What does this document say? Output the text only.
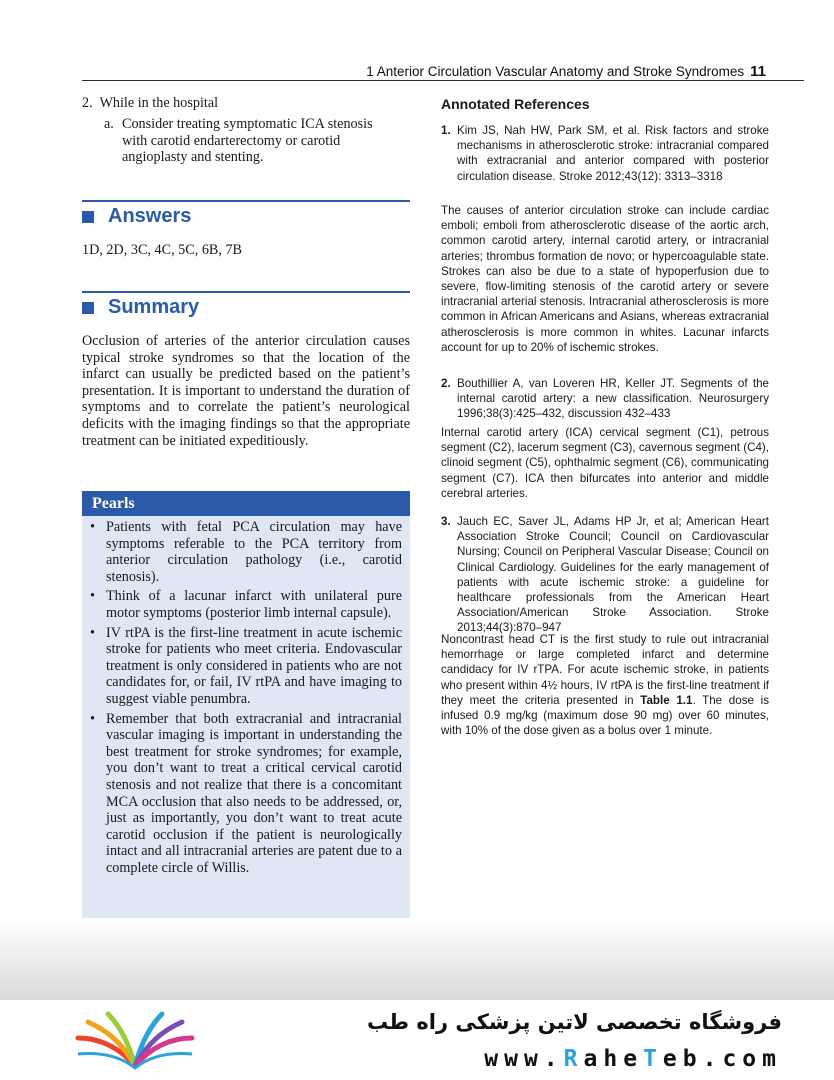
1 Anterior Circulation Vascular Anatomy and Stroke Syndromes 11
2. While in the hospital
a. Consider treating symptomatic ICA stenosis with carotid endarterectomy or carotid angioplasty and stenting.
Answers
1D, 2D, 3C, 4C, 5C, 6B, 7B
Summary
Occlusion of arteries of the anterior circulation causes typical stroke syndromes so that the location of the infarct can usually be predicted based on the patient’s presentation. It is important to understand the duration of symptoms and to correlate the patient’s neurological deficits with the imaging findings so that the appropriate treatment can be initiated expeditiously.
Pearls
• Patients with fetal PCA circulation may have symptoms referable to the PCA territory from anterior circulation pathology (i.e., carotid stenosis).
• Think of a lacunar infarct with unilateral pure motor symptoms (posterior limb internal capsule).
• IV rtPA is the first-line treatment in acute ischemic stroke for patients who meet criteria. Endovascular treatment is only considered in patients who are not candidates for, or fail, IV rtPA and have imaging to suggest viable penumbra.
• Remember that both extracranial and intracranial vascular imaging is important in understanding the best treatment for stroke syndromes; for example, you don’t want to treat a critical cervical carotid stenosis and not realize that there is a concomitant MCA occlusion that also needs to be addressed, or, just as importantly, you don’t want to treat acute carotid occlusion if the patient is neurologically intact and all intracranial arteries are patent due to a complete circle of Willis.
Annotated References
1. Kim JS, Nah HW, Park SM, et al. Risk factors and stroke mechanisms in atherosclerotic stroke: intracranial compared with extracranial and anterior compared with posterior circulation disease. Stroke 2012;43(12): 3313–3318
The causes of anterior circulation stroke can include cardiac emboli; emboli from atherosclerotic disease of the aortic arch, common carotid artery, internal carotid artery, or intracranial arteries; thrombus formation de novo; or hypercoagulable state. Strokes can also be due to a state of hypoperfusion due to severe, flow-limiting stenosis of the carotid artery or severe intracranial arterial stenosis. Intracranial atherosclerosis is more common in African Americans and Asians, whereas extracranial atherosclerosis is more common in whites. Lacunar infarcts account for up to 20% of ischemic strokes.
2. Bouthillier A, van Loveren HR, Keller JT. Segments of the internal carotid artery: a new classification. Neurosurgery 1996;38(3):425–432, discussion 432–433
Internal carotid artery (ICA) cervical segment (C1), petrous segment (C2), lacerum segment (C3), cavernous segment (C4), clinoid segment (C5), ophthalmic segment (C6), communicating segment (C7). ICA then bifurcates into anterior and middle cerebral arteries.
3. Jauch EC, Saver JL, Adams HP Jr, et al; American Heart Association Stroke Council; Council on Cardiovascular Nursing; Council on Peripheral Vascular Disease; Council on Clinical Cardiology. Guidelines for the early management of patients with acute ischemic stroke: a guideline for healthcare professionals from the American Heart Association/American Stroke Association. Stroke 2013;44(3):870–947
Noncontrast head CT is the first study to rule out intracranial hemorrhage or large completed infarct and determine candidacy for IV rTPA. For acute ischemic stroke, in patients who present within 4½ hours, IV rtPA is the first-line treatment if they meet the criteria presented in Table 1.1. The dose is infused 0.9 mg/kg (maximum dose 90 mg) over 60 minutes, with 10% of the dose given as a bolus over 1 minute.
فروشگاه تخصصی لاتین پزشکی راه طب
www.RaheTeb.com
